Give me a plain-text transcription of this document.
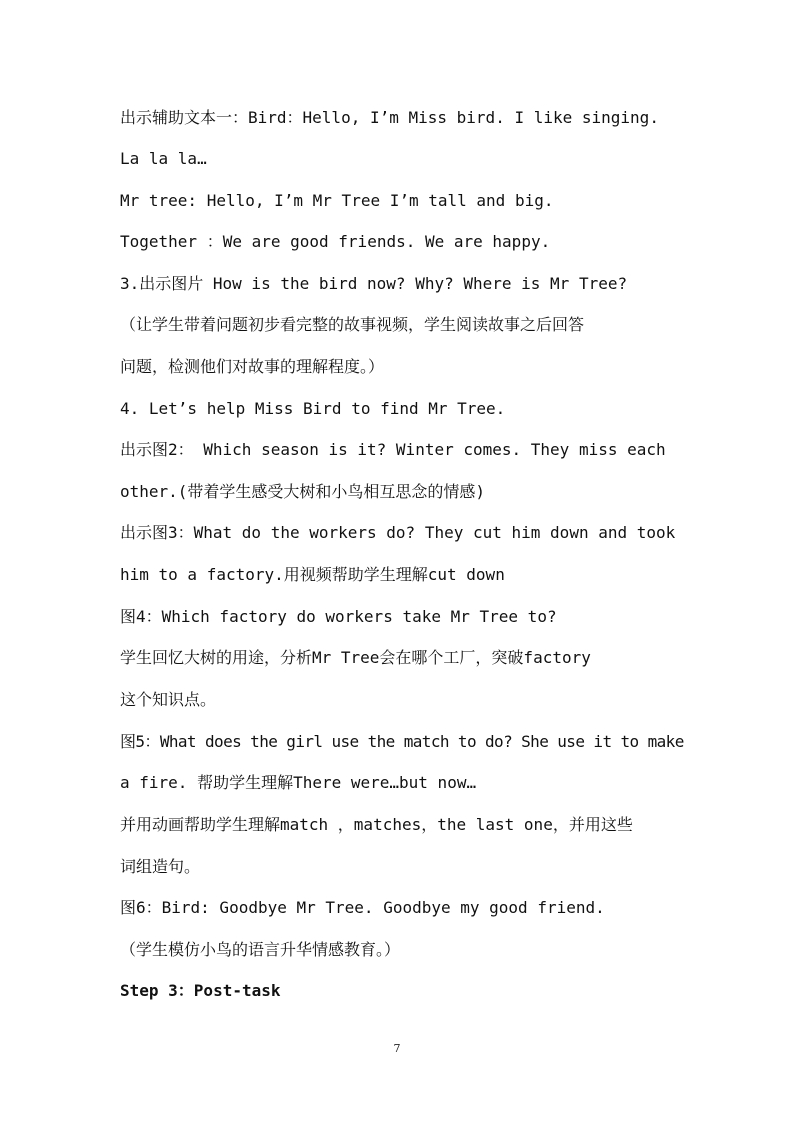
出示辅助文本一：Bird：Hello, I’m Miss bird. I like singing.
La la la…
Mr tree: Hello, I’m Mr Tree I’m tall and big.
Together ：We are good friends. We are happy.
3.出示图片 How is the bird now? Why? Where is Mr Tree?
（让学生带着问题初步看完整的故事视频，学生阅读故事之后回答
问题，检测他们对故事的理解程度。）
4. Let’s help Miss Bird to find Mr Tree.
出示图2： Which season is it? Winter comes. They miss each
other.(带着学生感受大树和小鸟相互思念的情感)
出示图3：What do the workers do? They cut him down and took
him to a factory.用视频帮助学生理解cut down
图4：Which factory do workers take Mr Tree to?
学生回忆大树的用途，分析Mr Tree会在哪个工厂，突破factory
这个知识点。
图5：What does the girl use the match to do? She use it to make
a fire. 帮助学生理解There were…but now…
并用动画帮助学生理解match ，matches，the last one，并用这些
词组造句。
图6：Bird: Goodbye Mr Tree. Goodbye my good friend.
（学生模仿小鸟的语言升华情感教育。）
Step 3：Post-task
7
